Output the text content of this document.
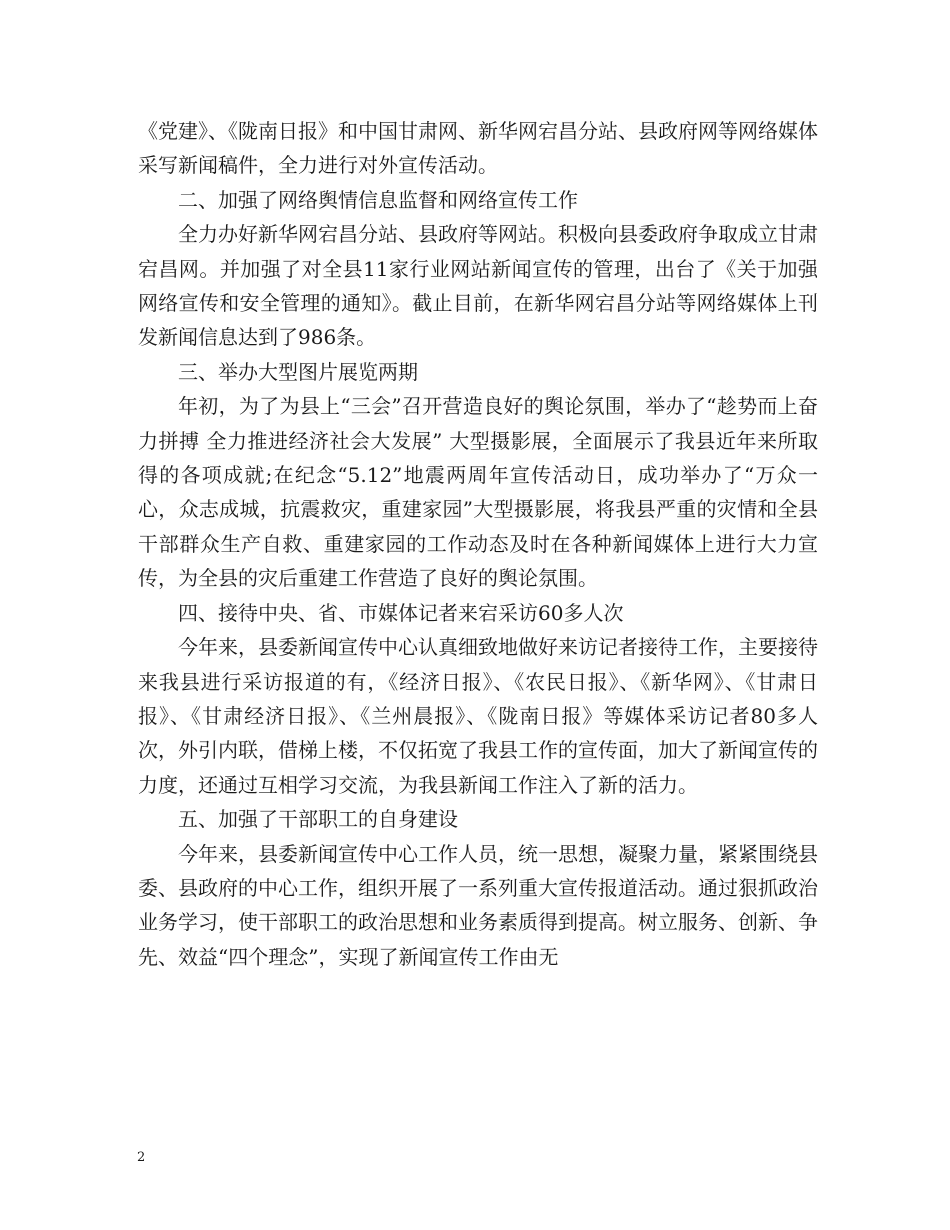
《党建》、《陇南日报》和中国甘肃网、新华网宕昌分站、县政府网等网络媒体采写新闻稿件，全力进行对外宣传活动。

二、加强了网络舆情信息监督和网络宣传工作

全力办好新华网宕昌分站、县政府等网站。积极向县委政府争取成立甘肃宕昌网。并加强了对全县11家行业网站新闻宣传的管理，出台了《关于加强网络宣传和安全管理的通知》。截止目前，在新华网宕昌分站等网络媒体上刊发新闻信息达到了986条。

三、举办大型图片展览两期

年初，为了为县上“三会”召开营造良好的舆论氛围，举办了“趁势而上奋力拼搏 全力推进经济社会大发展” 大型摄影展，全面展示了我县近年来所取得的各项成就;在纪念“5.12”地震两周年宣传活动日，成功举办了“万众一心，众志成城，抗震救灾，重建家园”大型摄影展，将我县严重的灾情和全县干部群众生产自救、重建家园的工作动态及时在各种新闻媒体上进行大力宣传，为全县的灾后重建工作营造了良好的舆论氛围。

四、接待中央、省、市媒体记者来宕采访60多人次

今年来，县委新闻宣传中心认真细致地做好来访记者接待工作，主要接待来我县进行采访报道的有，《经济日报》、《农民日报》、《新华网》、《甘肃日报》、《甘肃经济日报》、《兰州晨报》、《陇南日报》等媒体采访记者80多人次，外引内联，借梯上楼，不仅拓宽了我县工作的宣传面，加大了新闻宣传的力度，还通过互相学习交流，为我县新闻工作注入了新的活力。

五、加强了干部职工的自身建设

今年来，县委新闻宣传中心工作人员，统一思想，凝聚力量，紧紧围绕县委、县政府的中心工作，组织开展了一系列重大宣传报道活动。通过狠抓政治业务学习，使干部职工的政治思想和业务素质得到提高。树立服务、创新、争先、效益“四个理念”，实现了新闻宣传工作由无

2
